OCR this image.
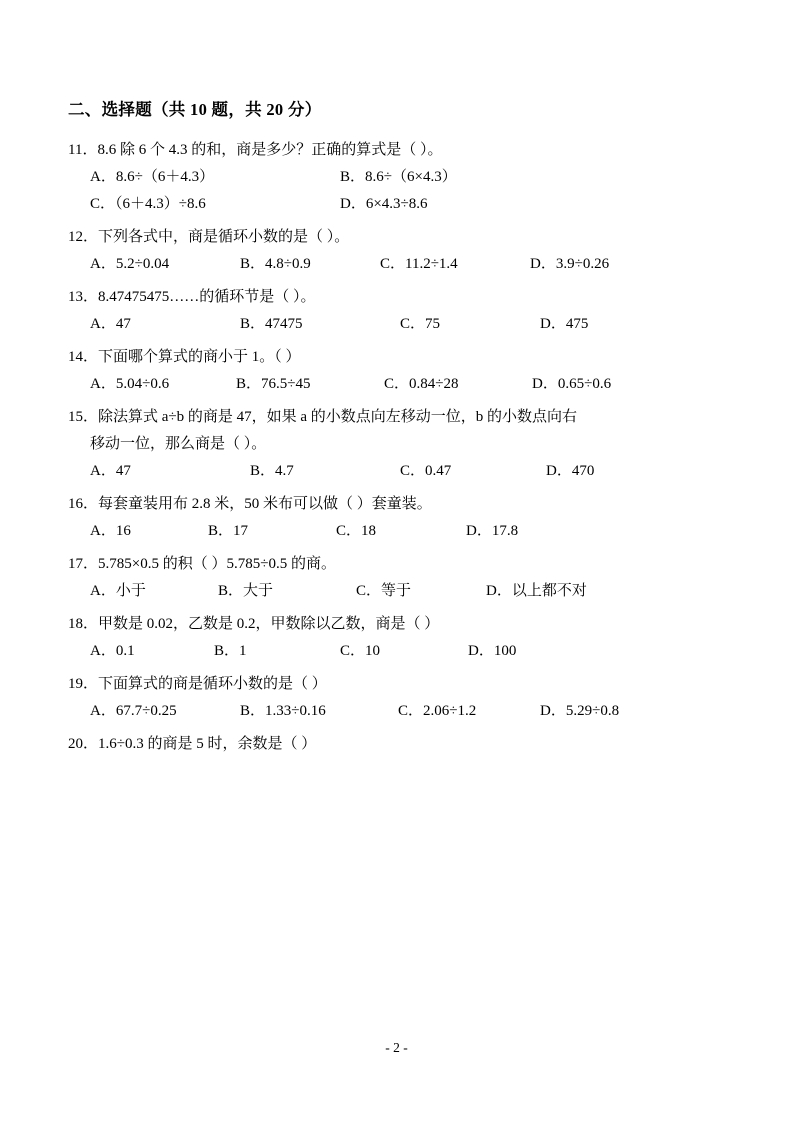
二、选择题（共 10 题，共 20 分）
11．8.6 除 6 个 4.3 的和，商是多少？正确的算式是（ ）。
A．8.6÷（6＋4.3）	B．8.6÷（6×4.3）
C．（6＋4.3）÷8.6	D．6×4.3÷8.6
12．下列各式中，商是循环小数的是（ ）。
A．5.2÷0.04	B．4.8÷0.9	C．11.2÷1.4	D．3.9÷0.26
13．8.47475475……的循环节是（ ）。
A．47	B．47475	C．75	D．475
14．下面哪个算式的商小于 1。（ ）
A．5.04÷0.6	B．76.5÷45	C．0.84÷28	D．0.65÷0.6
15．除法算式 a÷b 的商是 47，如果 a 的小数点向左移动一位，b 的小数点向右
移动一位，那么商是（ ）。
A．47	B．4.7	C．0.47	D．470
16．每套童装用布 2.8 米，50 米布可以做（ ）套童装。
A．16	B．17	C．18	D．17.8
17．5.785×0.5 的积（ ）5.785÷0.5 的商。
A．小于	B．大于	C．等于	D．以上都不对
18．甲数是 0.02，乙数是 0.2，甲数除以乙数，商是（ ）
A．0.1	B．1	C．10	D．100
19．下面算式的商是循环小数的是（ ）
A．67.7÷0.25	B．1.33÷0.16	C．2.06÷1.2	D．5.29÷0.8
20．1.6÷0.3 的商是 5 时，余数是（ ）
- 2 -
